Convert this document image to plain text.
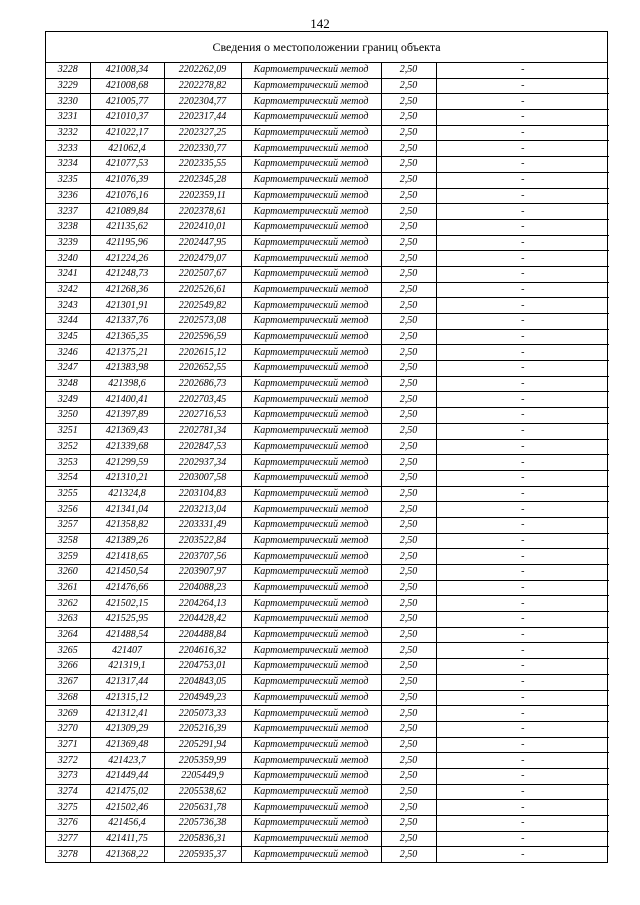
142
Сведения о местоположении границ объекта
3228	421008,34	2202262,09	Картометрический метод	2,50	-
3229	421008,68	2202278,82	Картометрический метод	2,50	-
3230	421005,77	2202304,77	Картометрический метод	2,50	-
3231	421010,37	2202317,44	Картометрический метод	2,50	-
3232	421022,17	2202327,25	Картометрический метод	2,50	-
3233	421062,4	2202330,77	Картометрический метод	2,50	-
3234	421077,53	2202335,55	Картометрический метод	2,50	-
3235	421076,39	2202345,28	Картометрический метод	2,50	-
3236	421076,16	2202359,11	Картометрический метод	2,50	-
3237	421089,84	2202378,61	Картометрический метод	2,50	-
3238	421135,62	2202410,01	Картометрический метод	2,50	-
3239	421195,96	2202447,95	Картометрический метод	2,50	-
3240	421224,26	2202479,07	Картометрический метод	2,50	-
3241	421248,73	2202507,67	Картометрический метод	2,50	-
3242	421268,36	2202526,61	Картометрический метод	2,50	-
3243	421301,91	2202549,82	Картометрический метод	2,50	-
3244	421337,76	2202573,08	Картометрический метод	2,50	-
3245	421365,35	2202596,59	Картометрический метод	2,50	-
3246	421375,21	2202615,12	Картометрический метод	2,50	-
3247	421383,98	2202652,55	Картометрический метод	2,50	-
3248	421398,6	2202686,73	Картометрический метод	2,50	-
3249	421400,41	2202703,45	Картометрический метод	2,50	-
3250	421397,89	2202716,53	Картометрический метод	2,50	-
3251	421369,43	2202781,34	Картометрический метод	2,50	-
3252	421339,68	2202847,53	Картометрический метод	2,50	-
3253	421299,59	2202937,34	Картометрический метод	2,50	-
3254	421310,21	2203007,58	Картометрический метод	2,50	-
3255	421324,8	2203104,83	Картометрический метод	2,50	-
3256	421341,04	2203213,04	Картометрический метод	2,50	-
3257	421358,82	2203331,49	Картометрический метод	2,50	-
3258	421389,26	2203522,84	Картометрический метод	2,50	-
3259	421418,65	2203707,56	Картометрический метод	2,50	-
3260	421450,54	2203907,97	Картометрический метод	2,50	-
3261	421476,66	2204088,23	Картометрический метод	2,50	-
3262	421502,15	2204264,13	Картометрический метод	2,50	-
3263	421525,95	2204428,42	Картометрический метод	2,50	-
3264	421488,54	2204488,84	Картометрический метод	2,50	-
3265	421407	2204616,32	Картометрический метод	2,50	-
3266	421319,1	2204753,01	Картометрический метод	2,50	-
3267	421317,44	2204843,05	Картометрический метод	2,50	-
3268	421315,12	2204949,23	Картометрический метод	2,50	-
3269	421312,41	2205073,33	Картометрический метод	2,50	-
3270	421309,29	2205216,39	Картометрический метод	2,50	-
3271	421369,48	2205291,94	Картометрический метод	2,50	-
3272	421423,7	2205359,99	Картометрический метод	2,50	-
3273	421449,44	2205449,9	Картометрический метод	2,50	-
3274	421475,02	2205538,62	Картометрический метод	2,50	-
3275	421502,46	2205631,78	Картометрический метод	2,50	-
3276	421456,4	2205736,38	Картометрический метод	2,50	-
3277	421411,75	2205836,31	Картометрический метод	2,50	-
3278	421368,22	2205935,37	Картометрический метод	2,50	-
